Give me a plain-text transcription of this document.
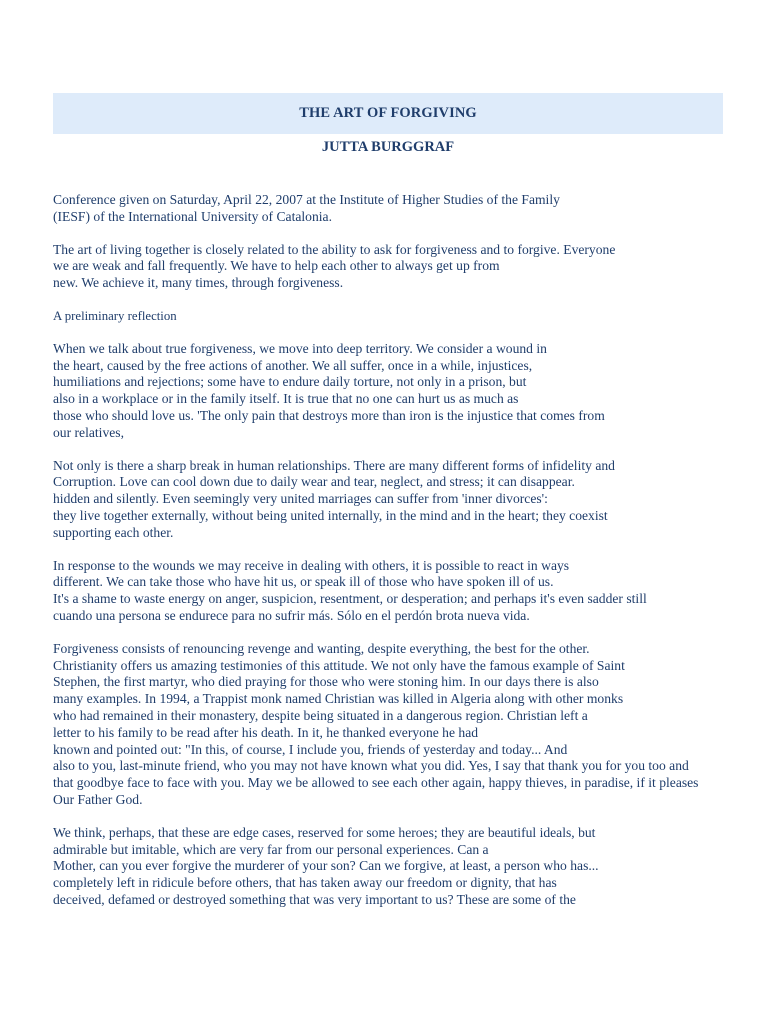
THE ART OF FORGIVING
JUTTA BURGGRAF
Conference given on Saturday, April 22, 2007 at the Institute of Higher Studies of the Family
(IESF) of the International University of Catalonia.
The art of living together is closely related to the ability to ask for forgiveness and to forgive. Everyone
we are weak and fall frequently. We have to help each other to always get up from
new. We achieve it, many times, through forgiveness.
A preliminary reflection
When we talk about true forgiveness, we move into deep territory. We consider a wound in
the heart, caused by the free actions of another. We all suffer, once in a while, injustices,
humiliations and rejections; some have to endure daily torture, not only in a prison, but
also in a workplace or in the family itself. It is true that no one can hurt us as much as
those who should love us. 'The only pain that destroys more than iron is the injustice that comes from
our relatives,
Not only is there a sharp break in human relationships. There are many different forms of infidelity and
Corruption. Love can cool down due to daily wear and tear, neglect, and stress; it can disappear.
hidden and silently. Even seemingly very united marriages can suffer from 'inner divorces':
they live together externally, without being united internally, in the mind and in the heart; they coexist
supporting each other.
In response to the wounds we may receive in dealing with others, it is possible to react in ways
different. We can take those who have hit us, or speak ill of those who have spoken ill of us.
It's a shame to waste energy on anger, suspicion, resentment, or desperation; and perhaps it's even sadder still
cuando una persona se endurece para no sufrir más. Sólo en el perdón brota nueva vida.
Forgiveness consists of renouncing revenge and wanting, despite everything, the best for the other.
Christianity offers us amazing testimonies of this attitude. We not only have the famous example of Saint
Stephen, the first martyr, who died praying for those who were stoning him. In our days there is also
many examples. In 1994, a Trappist monk named Christian was killed in Algeria along with other monks
who had remained in their monastery, despite being situated in a dangerous region. Christian left a
letter to his family to be read after his death. In it, he thanked everyone he had
known and pointed out: "In this, of course, I include you, friends of yesterday and today... And
also to you, last-minute friend, who you may not have known what you did. Yes, I say that thank you for you too and
that goodbye face to face with you. May we be allowed to see each other again, happy thieves, in paradise, if it pleases
Our Father God.
We think, perhaps, that these are edge cases, reserved for some heroes; they are beautiful ideals, but
admirable but imitable, which are very far from our personal experiences. Can a
Mother, can you ever forgive the murderer of your son? Can we forgive, at least, a person who has...
completely left in ridicule before others, that has taken away our freedom or dignity, that has
deceived, defamed or destroyed something that was very important to us? These are some of the
